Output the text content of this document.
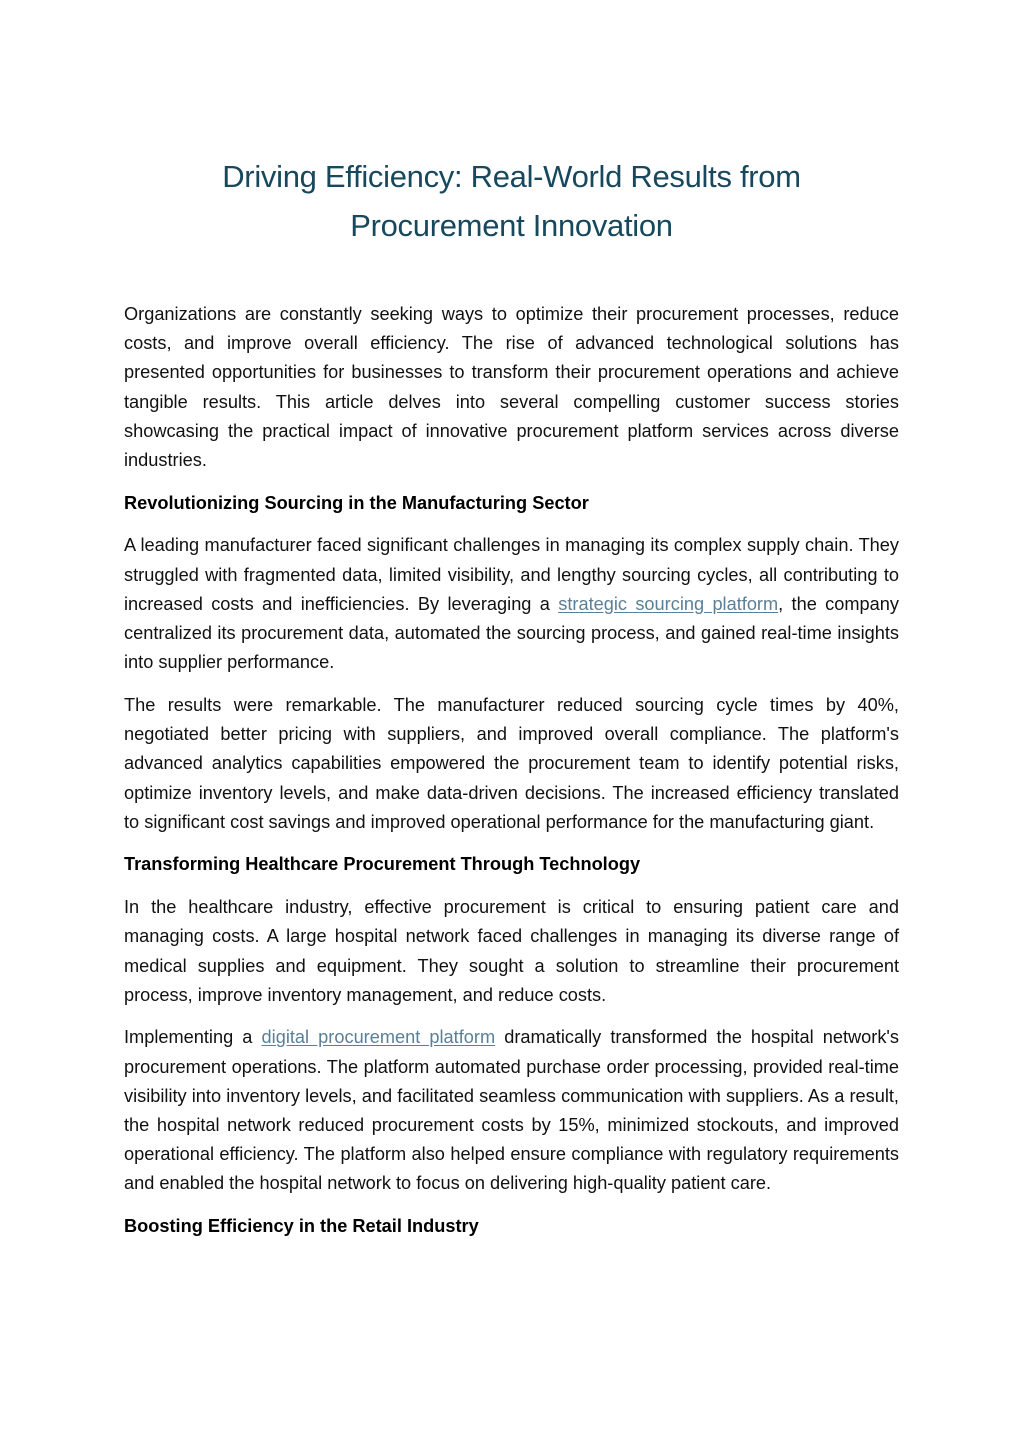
Driving Efficiency: Real-World Results from Procurement Innovation

Organizations are constantly seeking ways to optimize their procurement processes, reduce costs, and improve overall efficiency. The rise of advanced technological solutions has presented opportunities for businesses to transform their procurement operations and achieve tangible results. This article delves into several compelling customer success stories showcasing the practical impact of innovative procurement platform services across diverse industries.

Revolutionizing Sourcing in the Manufacturing Sector

A leading manufacturer faced significant challenges in managing its complex supply chain. They struggled with fragmented data, limited visibility, and lengthy sourcing cycles, all contributing to increased costs and inefficiencies. By leveraging a strategic sourcing platform, the company centralized its procurement data, automated the sourcing process, and gained real-time insights into supplier performance.

The results were remarkable. The manufacturer reduced sourcing cycle times by 40%, negotiated better pricing with suppliers, and improved overall compliance. The platform's advanced analytics capabilities empowered the procurement team to identify potential risks, optimize inventory levels, and make data-driven decisions. The increased efficiency translated to significant cost savings and improved operational performance for the manufacturing giant.

Transforming Healthcare Procurement Through Technology

In the healthcare industry, effective procurement is critical to ensuring patient care and managing costs. A large hospital network faced challenges in managing its diverse range of medical supplies and equipment. They sought a solution to streamline their procurement process, improve inventory management, and reduce costs.

Implementing a digital procurement platform dramatically transformed the hospital network's procurement operations. The platform automated purchase order processing, provided real-time visibility into inventory levels, and facilitated seamless communication with suppliers. As a result, the hospital network reduced procurement costs by 15%, minimized stockouts, and improved operational efficiency. The platform also helped ensure compliance with regulatory requirements and enabled the hospital network to focus on delivering high-quality patient care.

Boosting Efficiency in the Retail Industry
